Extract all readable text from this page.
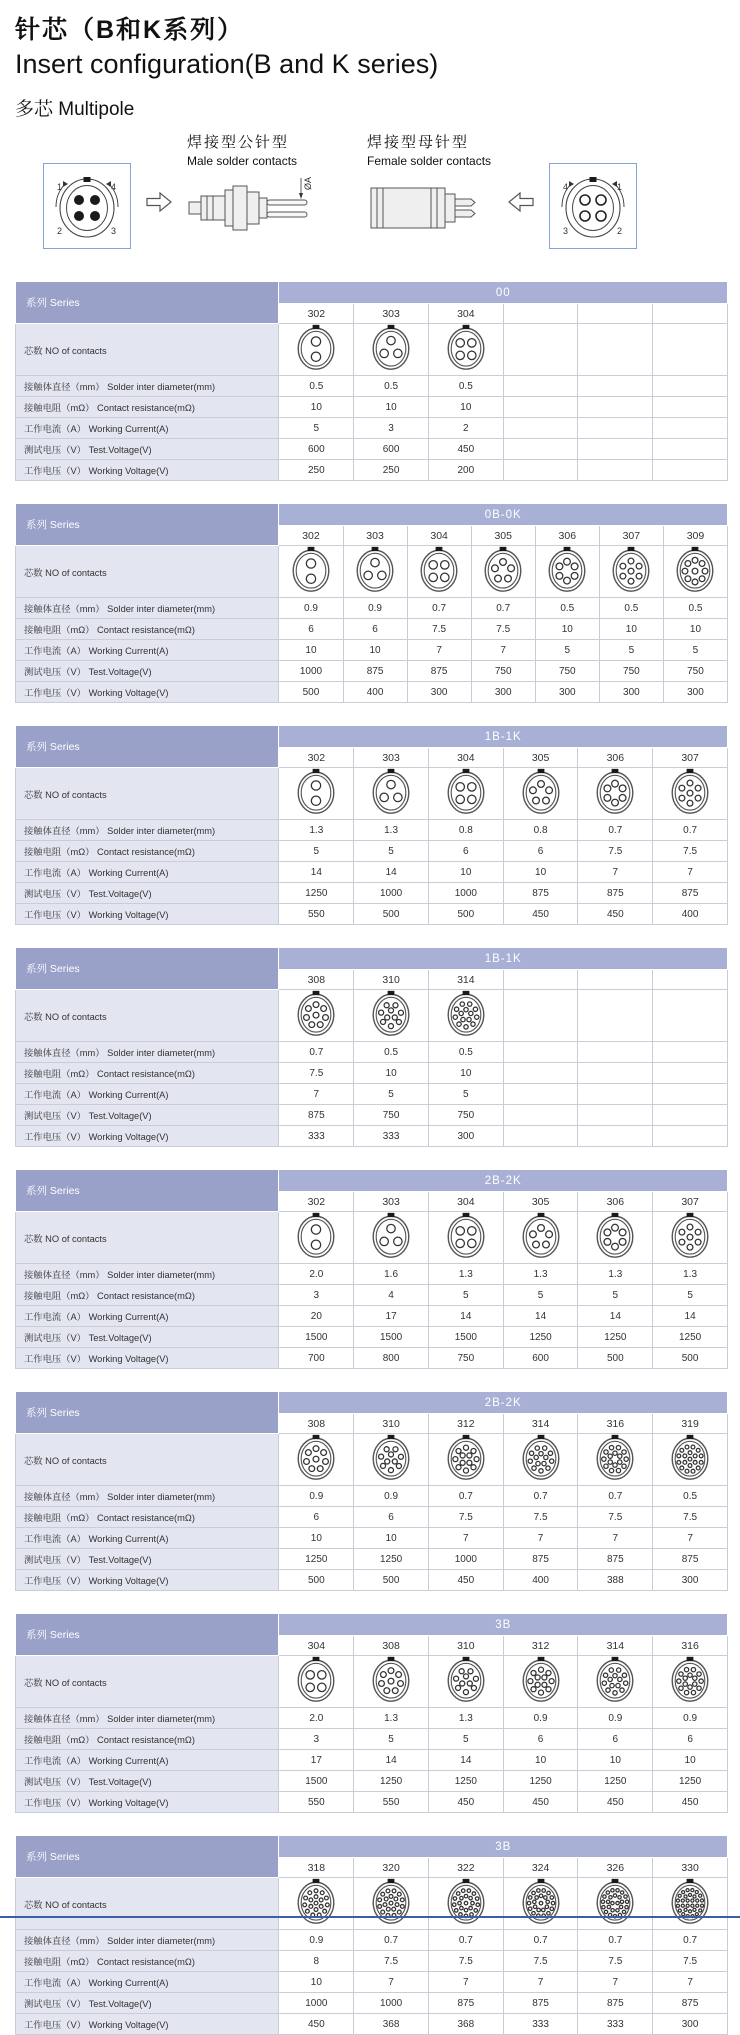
针芯（B和K系列）
Insert configuration(B and K series)
多芯 Multipole
1	4
2	3
焊接型公针型
Male solder contacts
ØA
焊接型母针型
Female solder contacts
4	1
3	2
系列 Series	00					
	302	303	304			
芯数 NO of contacts						
接触体直径（mm） Solder inter diameter(mm)	0.5	0.5	0.5			
接触电阻（mΩ） Contact resistance(mΩ)	10	10	10			
工作电流（A） Working Current(A)	5	3	2			
测试电压（V） Test.Voltage(V)	600	600	450			
工作电压（V） Working Voltage(V)	250	250	200			
系列 Series	0B-0K						
	302	303	304	305	306	307	309
芯数 NO of contacts							
接触体直径（mm） Solder inter diameter(mm)	0.9	0.9	0.7	0.7	0.5	0.5	0.5
接触电阻（mΩ） Contact resistance(mΩ)	6	6	7.5	7.5	10	10	10
工作电流（A） Working Current(A)	10	10	7	7	5	5	5
测试电压（V） Test.Voltage(V)	1000	875	875	750	750	750	750
工作电压（V） Working Voltage(V)	500	400	300	300	300	300	300
系列 Series	1B-1K					
	302	303	304	305	306	307
芯数 NO of contacts						
接触体直径（mm） Solder inter diameter(mm)	1.3	1.3	0.8	0.8	0.7	0.7
接触电阻（mΩ） Contact resistance(mΩ)	5	5	6	6	7.5	7.5
工作电流（A） Working Current(A)	14	14	10	10	7	7
测试电压（V） Test.Voltage(V)	1250	1000	1000	875	875	875
工作电压（V） Working Voltage(V)	550	500	500	450	450	400
系列 Series	1B-1K					
	308	310	314			
芯数 NO of contacts						
接触体直径（mm） Solder inter diameter(mm)	0.7	0.5	0.5			
接触电阻（mΩ） Contact resistance(mΩ)	7.5	10	10			
工作电流（A） Working Current(A)	7	5	5			
测试电压（V） Test.Voltage(V)	875	750	750			
工作电压（V） Working Voltage(V)	333	333	300			
系列 Series	2B-2K					
	302	303	304	305	306	307
芯数 NO of contacts						
接触体直径（mm） Solder inter diameter(mm)	2.0	1.6	1.3	1.3	1.3	1.3
接触电阻（mΩ） Contact resistance(mΩ)	3	4	5	5	5	5
工作电流（A） Working Current(A)	20	17	14	14	14	14
测试电压（V） Test.Voltage(V)	1500	1500	1500	1250	1250	1250
工作电压（V） Working Voltage(V)	700	800	750	600	500	500
系列 Series	2B-2K					
	308	310	312	314	316	319
芯数 NO of contacts						
接触体直径（mm） Solder inter diameter(mm)	0.9	0.9	0.7	0.7	0.7	0.5
接触电阻（mΩ） Contact resistance(mΩ)	6	6	7.5	7.5	7.5	7.5
工作电流（A） Working Current(A)	10	10	7	7	7	7
测试电压（V） Test.Voltage(V)	1250	1250	1000	875	875	875
工作电压（V） Working Voltage(V)	500	500	450	400	388	300
系列 Series	3B					
	304	308	310	312	314	316
芯数 NO of contacts						
接触体直径（mm） Solder inter diameter(mm)	2.0	1.3	1.3	0.9	0.9	0.9
接触电阻（mΩ） Contact resistance(mΩ)	3	5	5	6	6	6
工作电流（A） Working Current(A)	17	14	14	10	10	10
测试电压（V） Test.Voltage(V)	1500	1250	1250	1250	1250	1250
工作电压（V） Working Voltage(V)	550	550	450	450	450	450
系列 Series	3B					
	318	320	322	324	326	330
芯数 NO of contacts						
接触体直径（mm） Solder inter diameter(mm)	0.9	0.7	0.7	0.7	0.7	0.7
接触电阻（mΩ） Contact resistance(mΩ)	8	7.5	7.5	7.5	7.5	7.5
工作电流（A） Working Current(A)	10	7	7	7	7	7
测试电压（V） Test.Voltage(V)	1000	1000	875	875	875	875
工作电压（V） Working Voltage(V)	450	368	368	333	333	300
